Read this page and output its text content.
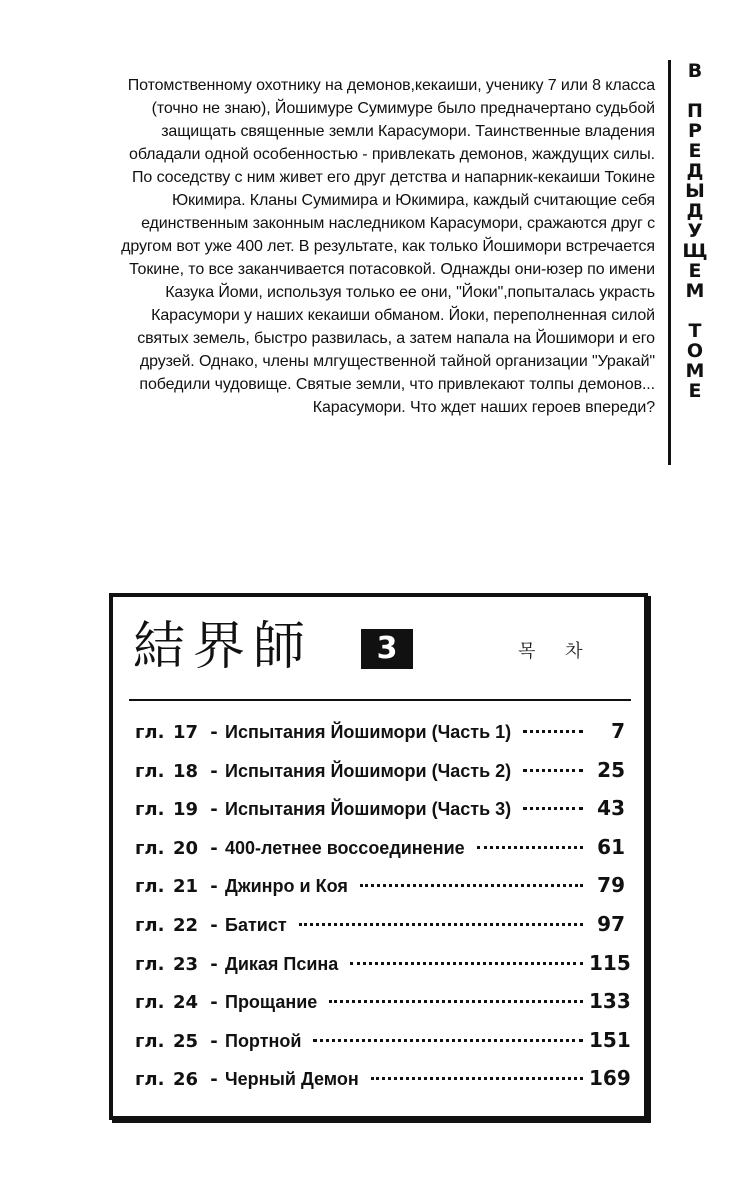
Потомственному охотнику на демонов,кекаиши, ученику 7 или 8 класса
(точно не знаю), Йошимуре Сумимуре было предначертано судьбой
защищать священные земли Карасумори. Таинственные владения
обладали одной особенностью - привлекать демонов, жаждущих силы.
По соседству с ним живет его друг детства и напарник-кекаиши Токине
Юкимира. Кланы Сумимира и Юкимира, каждый считающие себя
единственным законным наследником Карасумори, сражаются друг с
другом вот уже 400 лет. В результате, как только Йошимори встречается
Токине, то все заканчивается потасовкой. Однажды они-юзер по имени
Казука Йоми, используя только ее они, "Йоки",попыталась украсть
Карасумори у наших кекаиши обманом. Йоки, переполненная силой
святых земель, быстро развилась, а затем напала на Йошимори и его
друзей. Однако, члены млгущественной тайной организации "Уракай"
победили чудовище. Святые земли, что привлекают толпы демонов...
Карасумори. Что ждет наших героев впереди?
В
П
Р
Е
Д
Ы
Д
У
Щ
Е
М
Т
О
М
Е
結界師	3	목 차
гл. 17 - Испытания Йошимори (Часть 1)	7
гл. 18 - Испытания Йошимори (Часть 2)	25
гл. 19 - Испытания Йошимори (Часть 3)	43
гл. 20 - 400-летнее воссоединение	61
гл. 21 - Джинро и Коя	79
гл. 22 - Батист	97
гл. 23 - Дикая Псина	115
гл. 24 - Прощание	133
гл. 25 - Портной	151
гл. 26 - Черный Демон	169
